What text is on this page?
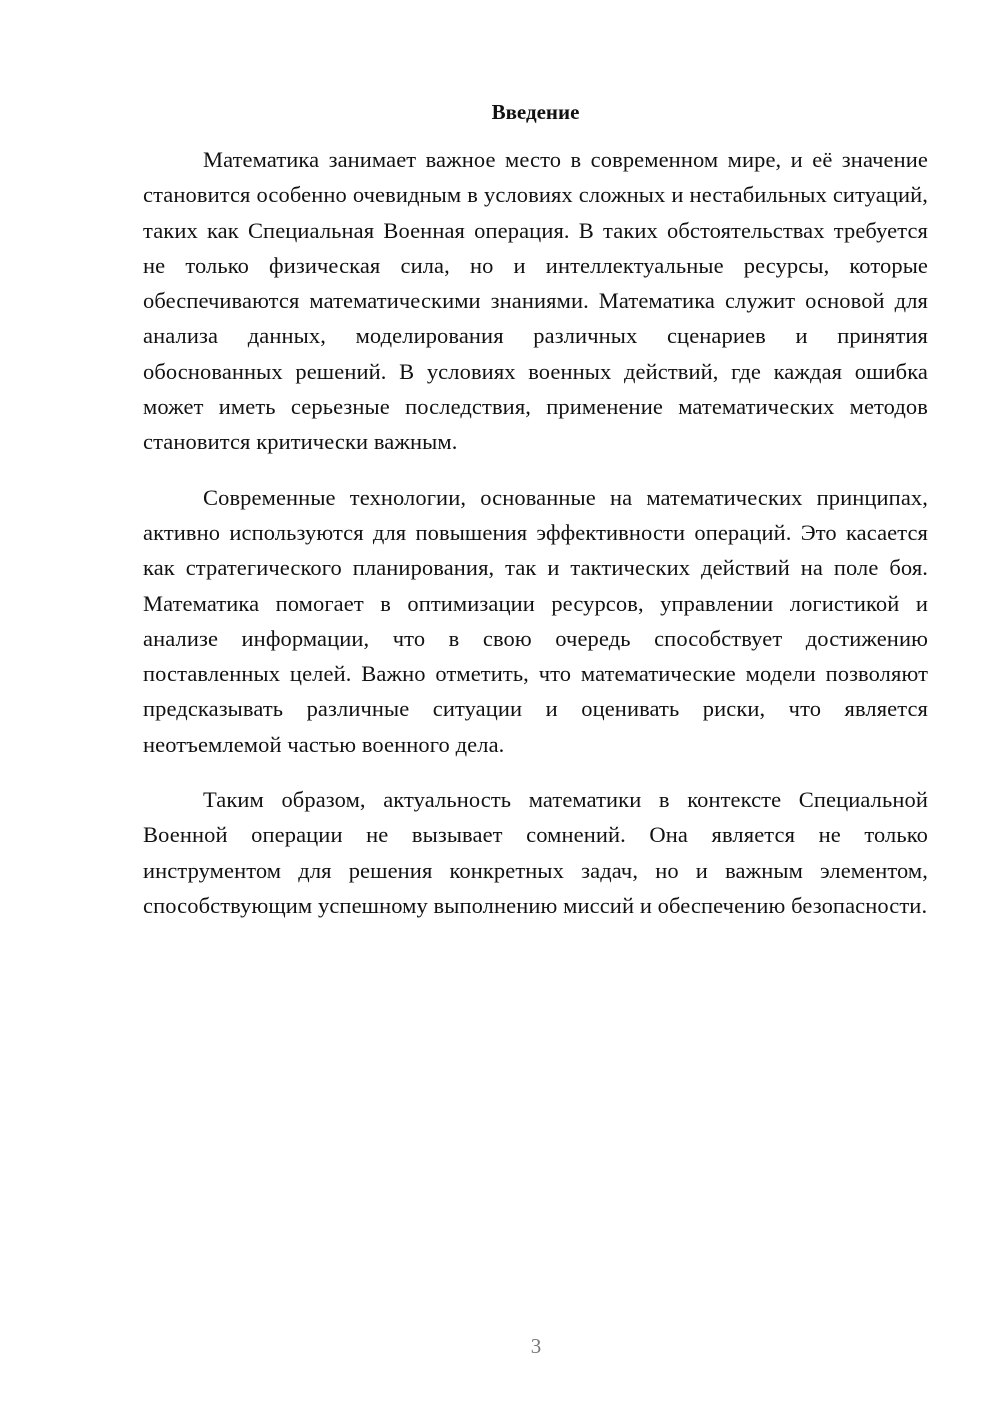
Введение

Математика занимает важное место в современном мире, и её значение становится особенно очевидным в условиях сложных и нестабильных ситуаций, таких как Специальная Военная операция. В таких обстоятельствах требуется не только физическая сила, но и интеллектуальные ресурсы, которые обеспечиваются математическими знаниями. Математика служит основой для анализа данных, моделирования различных сценариев и принятия обоснованных решений. В условиях военных действий, где каждая ошибка может иметь серьезные последствия, применение математических методов становится критически важным.

Современные технологии, основанные на математических принципах, активно используются для повышения эффективности операций. Это касается как стратегического планирования, так и тактических действий на поле боя. Математика помогает в оптимизации ресурсов, управлении логистикой и анализе информации, что в свою очередь способствует достижению поставленных целей. Важно отметить, что математические модели позволяют предсказывать различные ситуации и оценивать риски, что является неотъемлемой частью военного дела.

Таким образом, актуальность математики в контексте Специальной Военной операции не вызывает сомнений. Она является не только инструментом для решения конкретных задач, но и важным элементом, способствующим успешному выполнению миссий и обеспечению безопасности.

3
